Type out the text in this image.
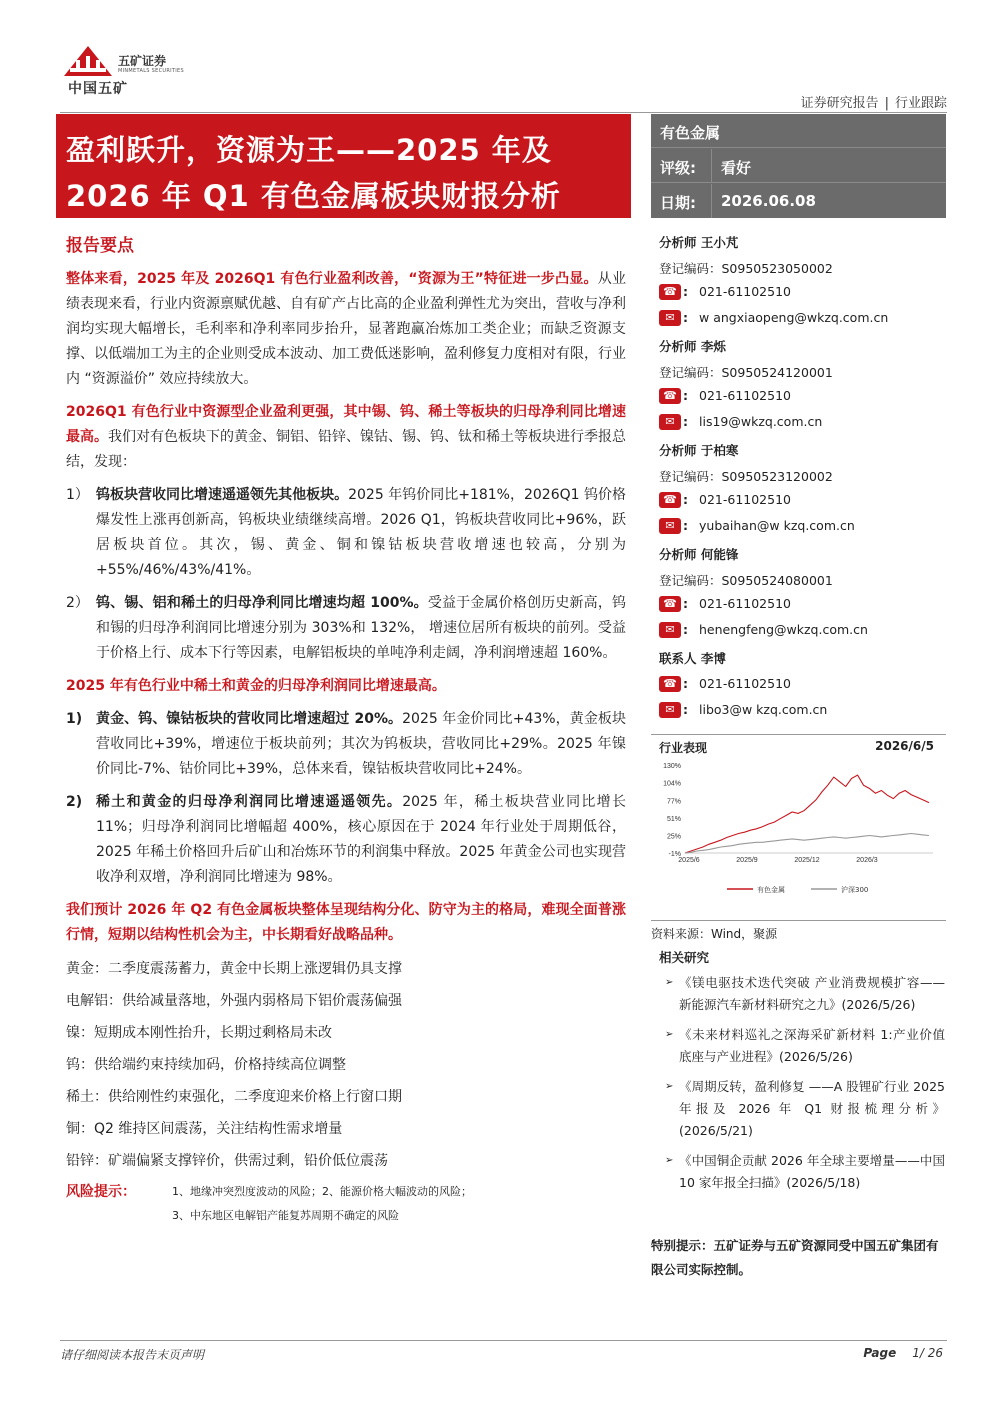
中国五矿
五矿证券
MINMETALS SECURITIES
证券研究报告 | 行业跟踪
盈利跃升，资源为王——2025 年及
2026 年 Q1 有色金属板块财报分析
有色金属
评级: 看好
日期: 2026.06.08
报告要点
整体来看，2025 年及 2026Q1 有色行业盈利改善，“资源为王”特征进一步凸显。从业绩表现来看，行业内资源禀赋优越、自有矿产占比高的企业盈利弹性尤为突出，营收与净利润均实现大幅增长，毛利率和净利率同步抬升，显著跑赢冶炼加工类企业；而缺乏资源支撑、以低端加工为主的企业则受成本波动、加工费低迷影响，盈利修复力度相对有限，行业内 “资源溢价” 效应持续放大。
2026Q1 有色行业中资源型企业盈利更强，其中锡、钨、稀土等板块的归母净利同比增速最高。我们对有色板块下的黄金、铜铝、铅锌、镍钴、锡、钨、钛和稀土等板块进行季报总结，发现：
1） 钨板块营收同比增速遥遥领先其他板块。2025 年钨价同比+181%，2026Q1 钨价格爆发性上涨再创新高，钨板块业绩继续高增。2026 Q1，钨板块营收同比+96%，跃居板块首位。其次，锡、黄金、铜和镍钴板块营收增速也较高，分别为+55%/46%/43%/41%。
2） 钨、锡、铝和稀土的归母净利同比增速均超 100%。受益于金属价格创历史新高，钨和锡的归母净利润同比增速分别为 303%和 132%， 增速位居所有板块的前列。受益于价格上行、成本下行等因素，电解铝板块的单吨净利走阔，净利润增速超 160%。
2025 年有色行业中稀土和黄金的归母净利润同比增速最高。
1) 黄金、钨、镍钴板块的营收同比增速超过 20%。2025 年金价同比+43%，黄金板块营收同比+39%，增速位于板块前列；其次为钨板块，营收同比+29%。2025 年镍价同比-7%、钴价同比+39%，总体来看，镍钴板块营收同比+24%。
2) 稀土和黄金的归母净利润同比增速遥遥领先。2025 年，稀土板块营业同比增长 11%；归母净利润同比增幅超 400%，核心原因在于 2024 年行业处于周期低谷，2025 年稀土价格回升后矿山和冶炼环节的利润集中释放。2025 年黄金公司也实现营收净利双增，净利润同比增速为 98%。
我们预计 2026 年 Q2 有色金属板块整体呈现结构分化、防守为主的格局，难现全面普涨行情，短期以结构性机会为主，中长期看好战略品种。
黄金：二季度震荡蓄力，黄金中长期上涨逻辑仍具支撑
电解铝：供给减量落地，外强内弱格局下铝价震荡偏强
镍：短期成本刚性抬升，长期过剩格局未改
钨：供给端约束持续加码，价格持续高位调整
稀土：供给刚性约束强化，二季度迎来价格上行窗口期
铜：Q2 维持区间震荡，关注结构性需求增量
铅锌：矿端偏紧支撑锌价，供需过剩，铅价低位震荡
风险提示：	1、地缘冲突烈度波动的风险；2、能源价格大幅波动的风险；
3、中东地区电解铝产能复苏周期不确定的风险
分析师 王小芃
登记编码：S0950523050002
☎ : 021-61102510
✉ : w angxiaopeng@wkzq.com.cn
分析师 李烁
登记编码：S0950524120001
☎ : 021-61102510
✉ : lis19@wkzq.com.cn
分析师 于柏寒
登记编码：S0950523120002
☎ : 021-61102510
✉ : yubaihan@w kzq.com.cn
分析师 何能锋
登记编码：S0950524080001
☎ : 021-61102510
✉ : henengfeng@wkzq.com.cn
联系人 李博
☎ : 021-61102510
✉ : libo3@w kzq.com.cn
行业表现	2026/6/5
130%
104%
77%
51%
25%
-1%
2025/6	2025/9	2025/12	2026/3
有色金属	沪深300
资料来源：Wind，聚源
相关研究
➢ 《镁电驱技术迭代突破 产业消费规模扩容——新能源汽车新材料研究之九》(2026/5/26)
➢ 《未来材料巡礼之深海采矿新材料 1:产业价值底座与产业进程》(2026/5/26)
➢ 《周期反转，盈利修复 ——A 股锂矿行业 2025 年报及 2026 年 Q1 财报梳理分析》(2026/5/21)
➢ 《中国铜企贡献 2026 年全球主要增量——中国 10 家年报全扫描》(2026/5/18)
特别提示：五矿证券与五矿资源同受中国五矿集团有限公司实际控制。
请仔细阅读本报告末页声明	Page 1/ 26
